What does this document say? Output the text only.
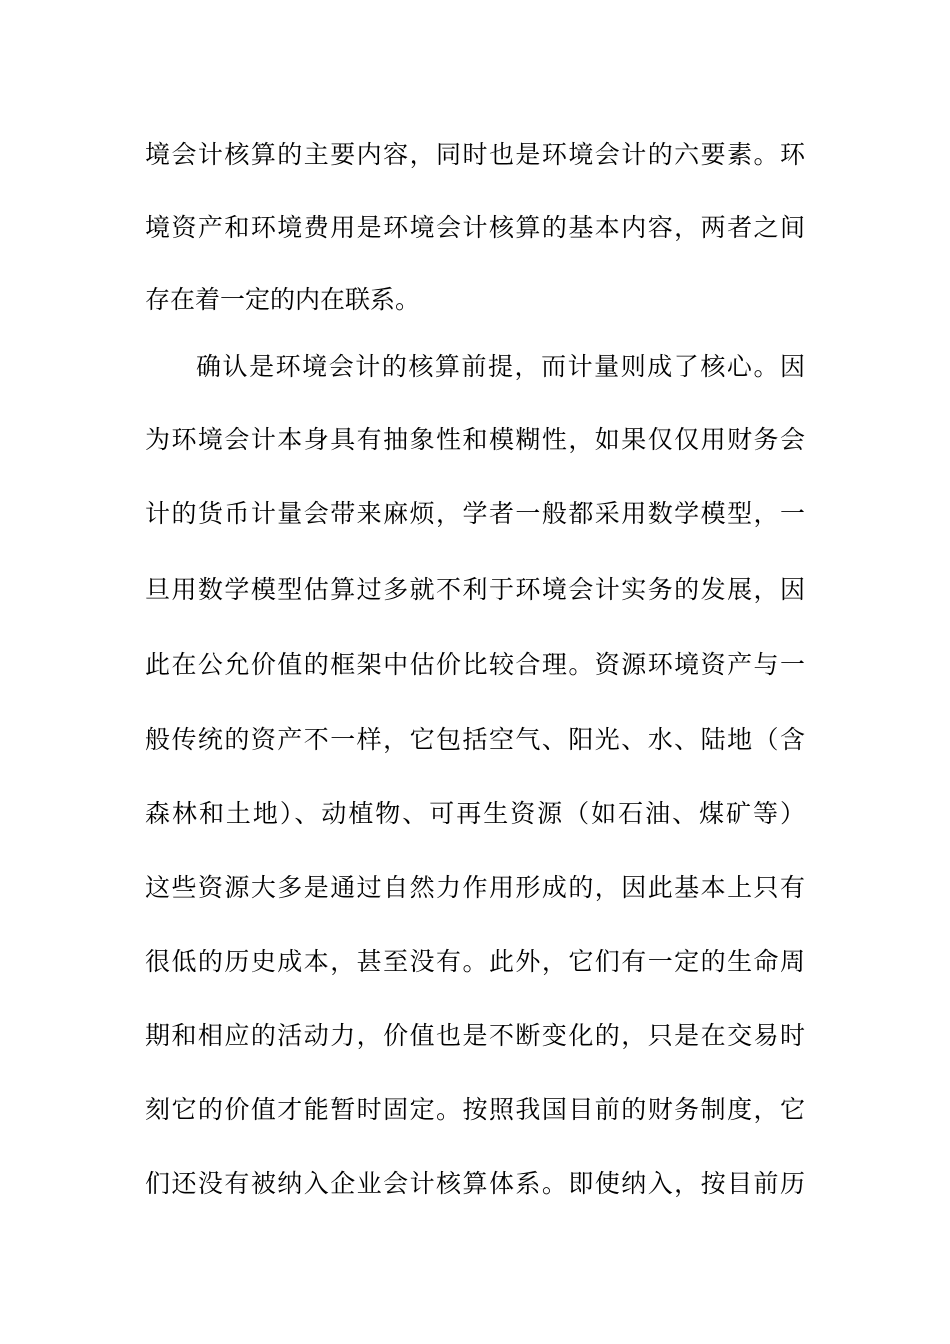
境会计核算的主要内容，同时也是环境会计的六要素。环
境资产和环境费用是环境会计核算的基本内容，两者之间
存在着一定的内在联系。
确认是环境会计的核算前提，而计量则成了核心。因
为环境会计本身具有抽象性和模糊性，如果仅仅用财务会
计的货币计量会带来麻烦，学者一般都采用数学模型，一
旦用数学模型估算过多就不利于环境会计实务的发展，因
此在公允价值的框架中估价比较合理。资源环境资产与一
般传统的资产不一样，它包括空气、阳光、水、陆地（含
森林和土地）、动植物、可再生资源（如石油、煤矿等）
这些资源大多是通过自然力作用形成的，因此基本上只有
很低的历史成本，甚至没有。此外，它们有一定的生命周
期和相应的活动力，价值也是不断变化的，只是在交易时
刻它的价值才能暂时固定。按照我国目前的财务制度，它
们还没有被纳入企业会计核算体系。即使纳入，按目前历
